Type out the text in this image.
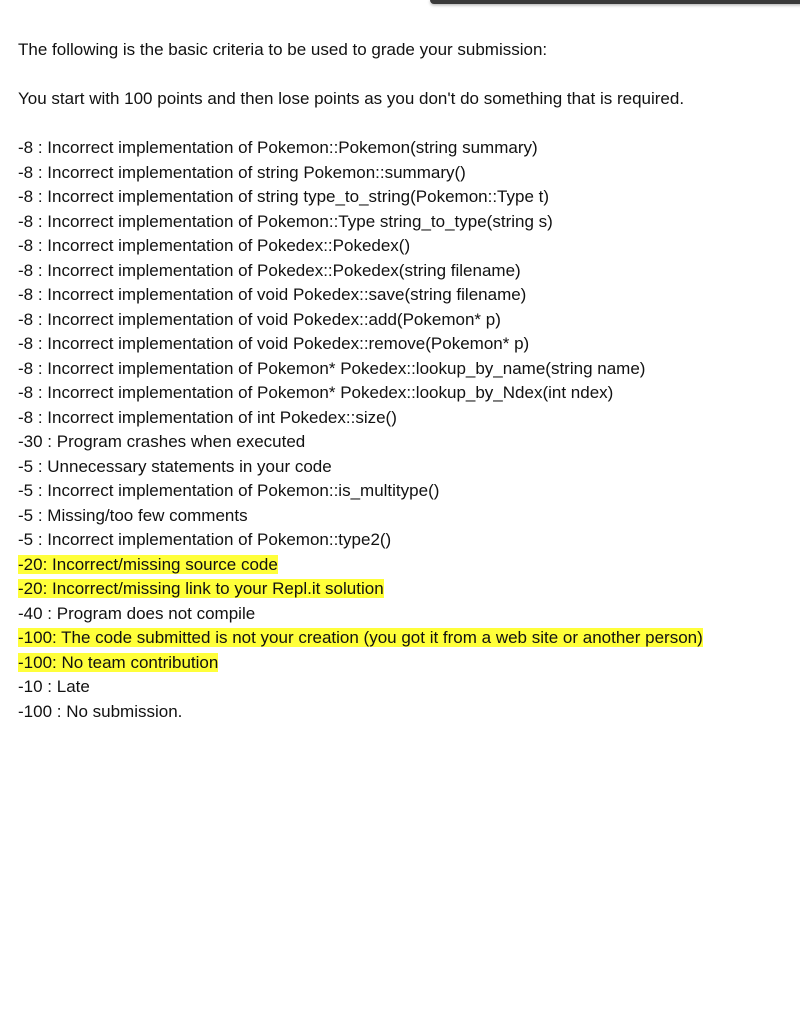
The following is the basic criteria to be used to grade your submission:

You start with 100 points and then lose points as you don't do something that is required.

-8 : Incorrect implementation of Pokemon::Pokemon(string summary)
-8 : Incorrect implementation of string Pokemon::summary()
-8 : Incorrect implementation of string type_to_string(Pokemon::Type t)
-8 : Incorrect implementation of Pokemon::Type string_to_type(string s)
-8 : Incorrect implementation of Pokedex::Pokedex()
-8 : Incorrect implementation of Pokedex::Pokedex(string filename)
-8 : Incorrect implementation of void Pokedex::save(string filename)
-8 : Incorrect implementation of void Pokedex::add(Pokemon* p)
-8 : Incorrect implementation of void Pokedex::remove(Pokemon* p)
-8 : Incorrect implementation of Pokemon* Pokedex::lookup_by_name(string name)
-8 : Incorrect implementation of Pokemon* Pokedex::lookup_by_Ndex(int ndex)
-8 : Incorrect implementation of int Pokedex::size()
-30 : Program crashes when executed
-5 : Unnecessary statements in your code
-5 : Incorrect implementation of Pokemon::is_multitype()
-5 : Missing/too few comments
-5 : Incorrect implementation of Pokemon::type2()
-20: Incorrect/missing source code
-20: Incorrect/missing link to your Repl.it solution
-40 : Program does not compile
-100: The code submitted is not your creation (you got it from a web site or another person)
-100: No team contribution
-10 : Late
-100 : No submission.
